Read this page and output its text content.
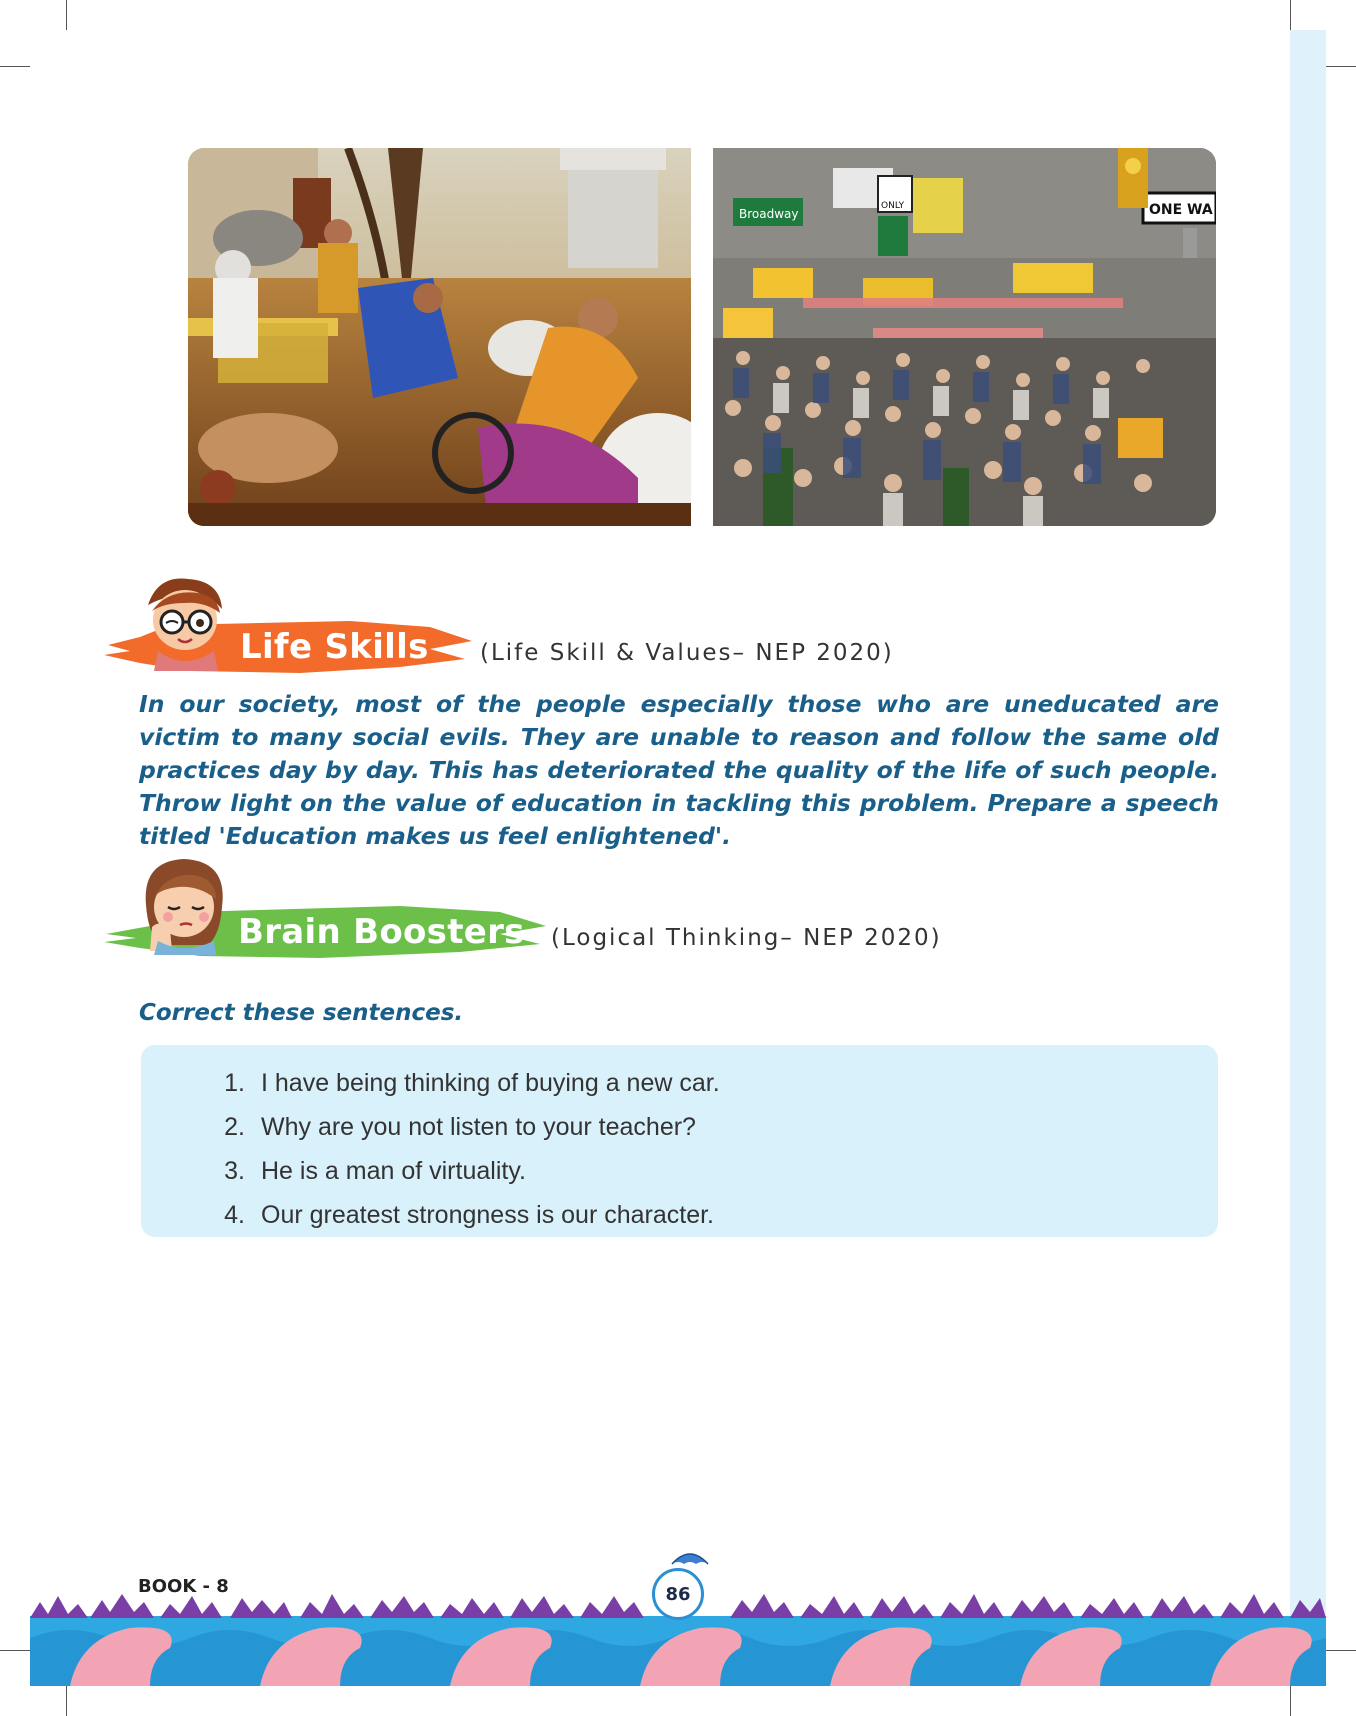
Broadway
ONLY	ONE WA
Life Skills (Life Skill & Values– NEP 2020)

In our society, most of the people especially those who are uneducated are victim to many social evils. They are unable to reason and follow the same old practices day by day. This has deteriorated the quality of the life of such people. Throw light on the value of education in tackling this problem. Prepare a speech titled 'Education makes us feel enlightened'.

Brain Boosters (Logical Thinking– NEP 2020)

Correct these sentences.

1. I have being thinking of buying a new car.
2. Why are you not listen to your teacher?
3. He is a man of virtuality.
4. Our greatest strongness is our character.
BOOK - 8	86
